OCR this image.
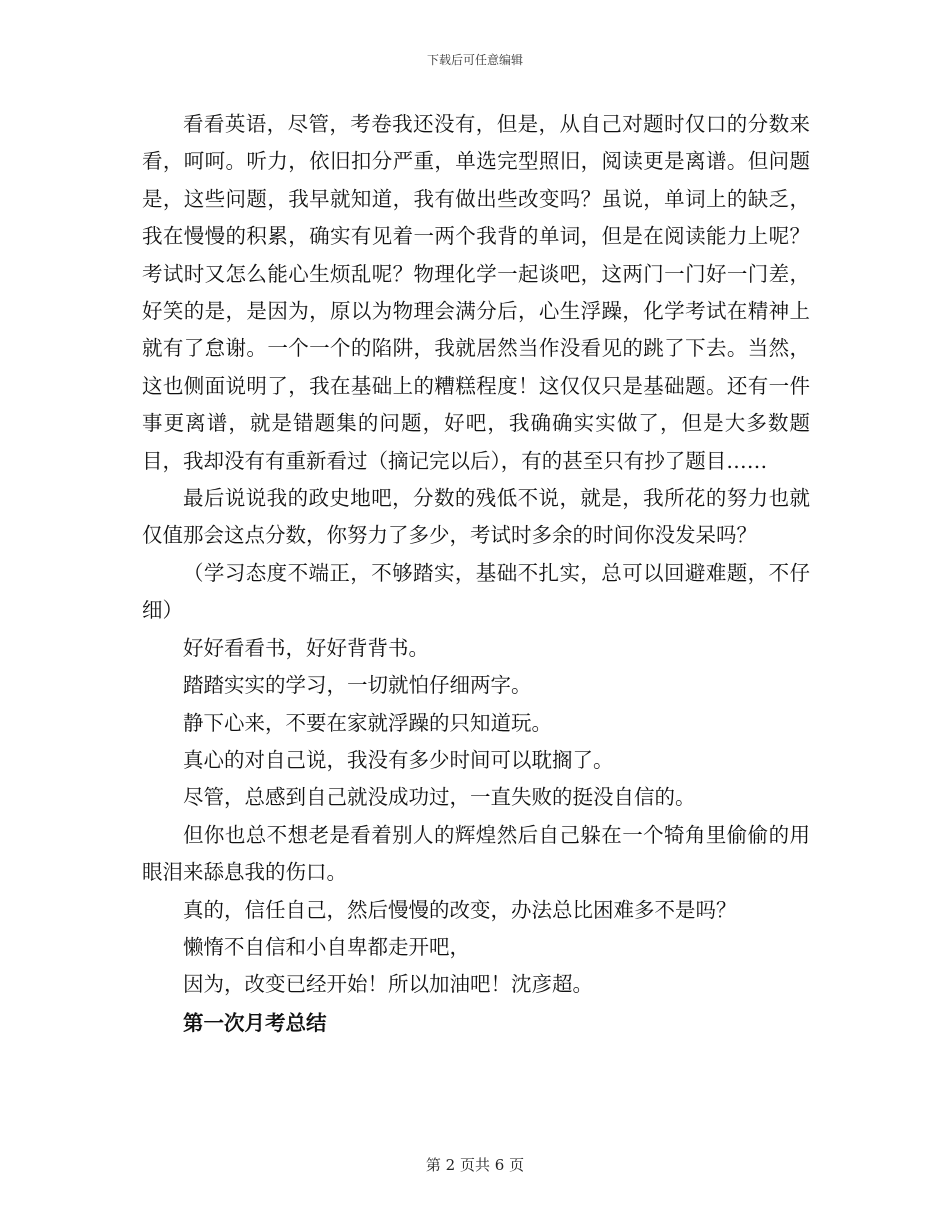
下载后可任意编辑

看看英语，尽管，考卷我还没有，但是，从自己对题时仅口的分数来看，呵呵。听力，依旧扣分严重，单选完型照旧，阅读更是离谱。但问题是，这些问题，我早就知道，我有做出些改变吗？虽说，单词上的缺乏，我在慢慢的积累，确实有见着一两个我背的单词，但是在阅读能力上呢？考试时又怎么能心生烦乱呢？物理化学一起谈吧，这两门一门好一门差，好笑的是，是因为，原以为物理会满分后，心生浮躁，化学考试在精神上就有了怠谢。一个一个的陷阱，我就居然当作没看见的跳了下去。当然，这也侧面说明了，我在基础上的糟糕程度！这仅仅只是基础题。还有一件事更离谱，就是错题集的问题，好吧，我确确实实做了，但是大多数题目，我却没有有重新看过（摘记完以后），有的甚至只有抄了题目……

最后说说我的政史地吧，分数的残低不说，就是，我所花的努力也就仅值那会这点分数，你努力了多少，考试时多余的时间你没发呆吗？

（学习态度不端正，不够踏实，基础不扎实，总可以回避难题，不仔细）

好好看看书，好好背背书。

踏踏实实的学习，一切就怕仔细两字。

静下心来，不要在家就浮躁的只知道玩。

真心的对自己说，我没有多少时间可以耽搁了。

尽管，总感到自己就没成功过，一直失败的挺没自信的。

但你也总不想老是看着别人的辉煌然后自己躲在一个犄角里偷偷的用眼泪来舔息我的伤口。

真的，信任自己，然后慢慢的改变，办法总比困难多不是吗？

懒惰不自信和小自卑都走开吧，

因为，改变已经开始！所以加油吧！沈彦超。

第一次月考总结

第 2 页共 6 页
